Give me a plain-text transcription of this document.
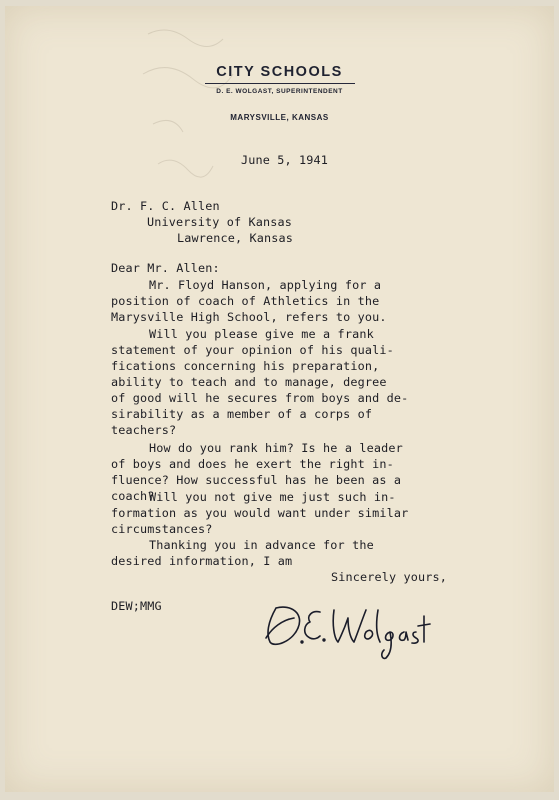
CITY SCHOOLS
D. E. WOLGAST, SUPERINTENDENT
MARYSVILLE, KANSAS
June 5, 1941
Dr. F. C. Allen
University of Kansas
Lawrence, Kansas
Dear Mr. Allen:
Mr. Floyd Hanson, applying for a
position of coach of Athletics in the
Marysville High School, refers to you.
Will you please give me a frank
statement of your opinion of his quali-
fications concerning his preparation,
ability to teach and to manage, degree
of good will he secures from boys and de-
sirability as a member of a corps of
teachers?
How do you rank him? Is he a leader
of boys and does he exert the right in-
fluence? How successful has he been as a
coach?
Will you not give me just such in-
formation as you would want under similar
circumstances?
Thanking you in advance for the
desired information, I am
Sincerely yours,
DEW;MMG
